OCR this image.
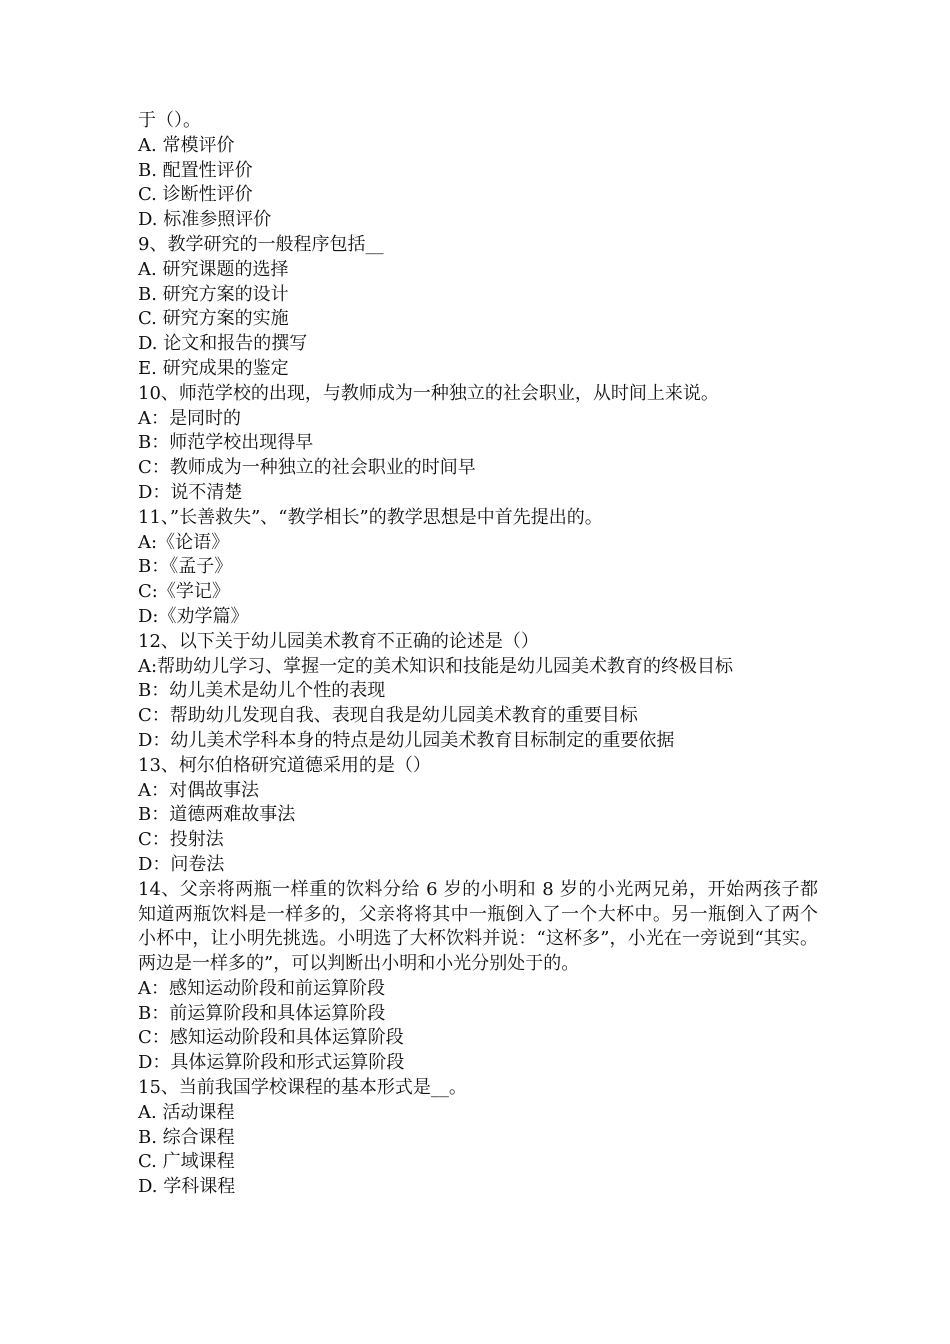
于（）。
A. 常模评价
B. 配置性评价
C. 诊断性评价
D. 标准参照评价
9、教学研究的一般程序包括__
A. 研究课题的选择
B. 研究方案的设计
C. 研究方案的实施
D. 论文和报告的撰写
E. 研究成果的鉴定
10、师范学校的出现，与教师成为一种独立的社会职业，从时间上来说。
A：是同时的
B：师范学校出现得早
C：教师成为一种独立的社会职业的时间早
D：说不清楚
11、”长善救失”、“教学相长”的教学思想是中首先提出的。
A:《论语》
B：《孟子》
C:《学记》
D:《劝学篇》
12、以下关于幼儿园美术教育不正确的论述是（）
A:帮助幼儿学习、掌握一定的美术知识和技能是幼儿园美术教育的终极目标
B：幼儿美术是幼儿个性的表现
C：帮助幼儿发现自我、表现自我是幼儿园美术教育的重要目标
D：幼儿美术学科本身的特点是幼儿园美术教育目标制定的重要依据
13、柯尔伯格研究道德采用的是（）
A：对偶故事法
B：道德两难故事法
C：投射法
D：问卷法
14、父亲将两瓶一样重的饮料分给 6 岁的小明和 8 岁的小光两兄弟，开始两孩子都知道两瓶饮料是一样多的，父亲将将其中一瓶倒入了一个大杯中。另一瓶倒入了两个小杯中，让小明先挑选。小明选了大杯饮料并说：“这杯多”，小光在一旁说到“其实。两边是一样多的”，可以判断出小明和小光分别处于的。
A：感知运动阶段和前运算阶段
B：前运算阶段和具体运算阶段
C：感知运动阶段和具体运算阶段
D：具体运算阶段和形式运算阶段
15、当前我国学校课程的基本形式是__。
A. 活动课程
B. 综合课程
C. 广域课程
D. 学科课程
